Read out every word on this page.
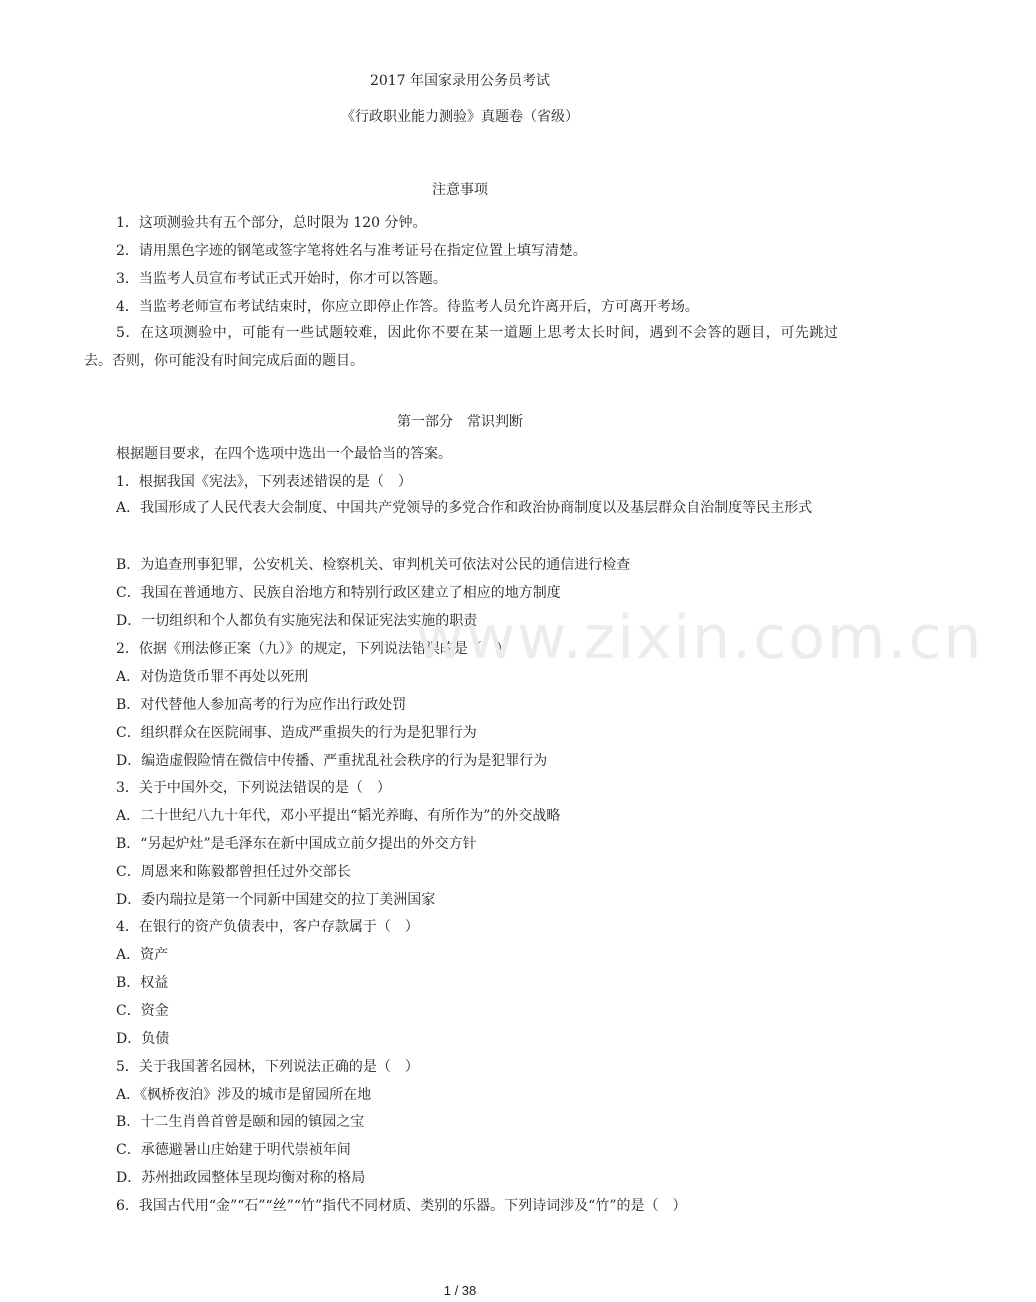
2017 年国家录用公务员考试
《行政职业能力测验》真题卷（省级）
注意事项
1．这项测验共有五个部分，总时限为 120 分钟。
2．请用黑色字迹的钢笔或签字笔将姓名与准考证号在指定位置上填写清楚。
3．当监考人员宣布考试正式开始时，你才可以答题。
4．当监考老师宣布考试结束时，你应立即停止作答。待监考人员允许离开后，方可离开考场。
5．在这项测验中，可能有一些试题较难，因此你不要在某一道题上思考太长时间，遇到不会答的题目，可先跳过去。否则，你可能没有时间完成后面的题目。
第一部分　常识判断
根据题目要求，在四个选项中选出一个最恰当的答案。
1．根据我国《宪法》，下列表述错误的是（　）
A．我国形成了人民代表大会制度、中国共产党领导的多党合作和政治协商制度以及基层群众自治制度等民主形式
B．为追查刑事犯罪，公安机关、检察机关、审判机关可依法对公民的通信进行检查
C．我国在普通地方、民族自治地方和特别行政区建立了相应的地方制度
D．一切组织和个人都负有实施宪法和保证宪法实施的职责
2．依据《刑法修正案（九）》的规定，下列说法错误的是（　）
A．对伪造货币罪不再处以死刑
B．对代替他人参加高考的行为应作出行政处罚
C．组织群众在医院闹事、造成严重损失的行为是犯罪行为
D．编造虚假险情在微信中传播、严重扰乱社会秩序的行为是犯罪行为
3．关于中国外交，下列说法错误的是（　）
A．二十世纪八九十年代，邓小平提出“韬光养晦、有所作为”的外交战略
B．“另起炉灶”是毛泽东在新中国成立前夕提出的外交方针
C．周恩来和陈毅都曾担任过外交部长
D．委内瑞拉是第一个同新中国建交的拉丁美洲国家
4．在银行的资产负债表中，客户存款属于（　）
A．资产
B．权益
C．资金
D．负债
5．关于我国著名园林，下列说法正确的是（　）
A．《枫桥夜泊》涉及的城市是留园所在地
B．十二生肖兽首曾是颐和园的镇园之宝
C．承德避暑山庄始建于明代崇祯年间
D．苏州拙政园整体呈现均衡对称的格局
6．我国古代用“金”“石”“丝”“竹”指代不同材质、类别的乐器。下列诗词涉及“竹”的是（　）
www.zixin.com.cn
1 / 38
